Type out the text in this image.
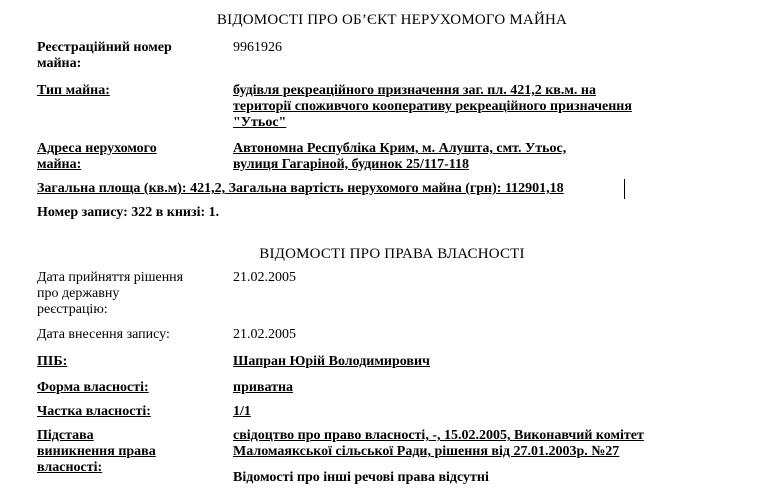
ВІДОМОСТІ ПРО ОБ’ЄКТ НЕРУХОМОГО МАЙНА
Реєстраційний номер
майна:
9961926
Тип майна:	будівля рекреаційного призначення заг. пл. 421,2 кв.м. на
території споживчого кооперативу рекреаційного призначення
"Утьос"
Адреса нерухомого
майна:
Автономна Республіка Крим, м. Алушта, смт. Утьос,
вулиця Гагаріной, будинок 25/117-118
Загальна площа (кв.м): 421,2, Загальна вартість нерухомого майна (грн): 112901,18
Номер запису: 322 в книзі: 1.
ВІДОМОСТІ ПРО ПРАВА ВЛАСНОСТІ
Дата прийняття рішення
про державну
реєстрацію:
21.02.2005
Дата внесення запису:	21.02.2005
ПІБ:	Шапран Юрій Володимирович
Форма власності:	приватна
Частка власності:	1/1
Підстава
виникнення права
власності:
свідоцтво про право власності, -, 15.02.2005, Виконавчий комітет
Маломаякської сільської Ради, рішення від 27.01.2003р. №27
Відомості про інші речові права відсутні
